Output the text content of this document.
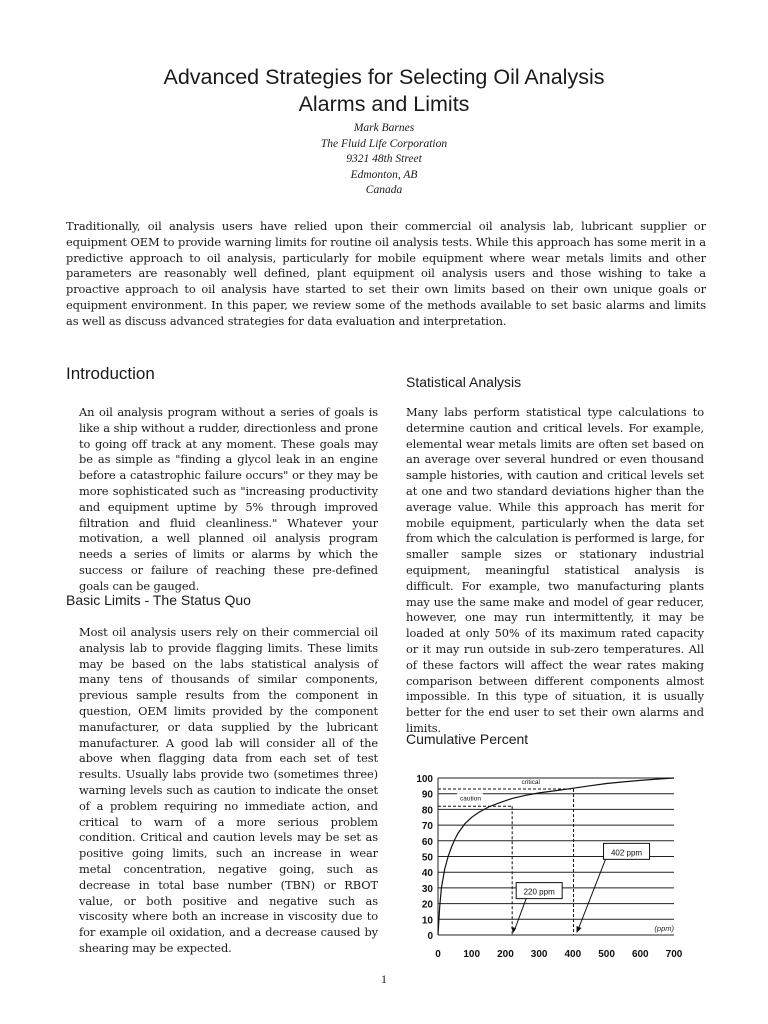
Advanced Strategies for Selecting Oil Analysis
Alarms and Limits
Mark Barnes
The Fluid Life Corporation
9321 48th Street
Edmonton, AB
Canada

Traditionally, oil analysis users have relied upon their commercial oil analysis lab, lubricant supplier or equipment OEM to provide warning limits for routine oil analysis tests. While this approach has some merit in a predictive approach to oil analysis, particularly for mobile equipment where wear metals limits and other parameters are reasonably well defined, plant equipment oil analysis users and those wishing to take a proactive approach to oil analysis have started to set their own limits based on their own unique goals or equipment environment. In this paper, we review some of the methods available to set basic alarms and limits as well as discuss advanced strategies for data evaluation and interpretation.

Introduction

An oil analysis program without a series of goals is like a ship without a rudder, directionless and prone to going off track at any moment. These goals may be as simple as "finding a glycol leak in an engine before a catastrophic failure occurs" or they may be more sophisticated such as "increasing productivity and equipment uptime by 5% through improved filtration and fluid cleanliness." Whatever your motivation, a well planned oil analysis program needs a series of limits or alarms by which the success or failure of reaching these pre-defined goals can be gauged.

Basic Limits - The Status Quo

Most oil analysis users rely on their commercial oil analysis lab to provide flagging limits. These limits may be based on the labs statistical analysis of many tens of thousands of similar components, previous sample results from the component in question, OEM limits provided by the component manufacturer, or data supplied by the lubricant manufacturer. A good lab will consider all of the above when flagging data from each set of test results. Usually labs provide two (sometimes three) warning levels such as caution to indicate the onset of a problem requiring no immediate action, and critical to warn of a more serious problem condition. Critical and caution levels may be set as positive going limits, such an increase in wear metal concentration, negative going, such as decrease in total base number (TBN) or RBOT value, or both positive and negative such as viscosity where both an increase in viscosity due to for example oil oxidation, and a decrease caused by shearing may be expected.

Statistical Analysis

Many labs perform statistical type calculations to determine caution and critical levels. For example, elemental wear metals limits are often set based on an average over several hundred or even thousand sample histories, with caution and critical levels set at one and two standard deviations higher than the average value. While this approach has merit for mobile equipment, particularly when the data set from which the calculation is performed is large, for smaller sample sizes or stationary industrial equipment, meaningful statistical analysis is difficult. For example, two manufacturing plants may use the same make and model of gear reducer, however, one may run intermittently, it may be loaded at only 50% of its maximum rated capacity or it may run outside in sub-zero temperatures. All of these factors will affect the wear rates making comparison between different components almost impossible. In this type of situation, it is usually better for the end user to set their own alarms and limits.

Cumulative Percent
0
10
20
30
40
50
60
70
80
90
100
0 100 200 300 400 500 600 700
(ppm)
caution
critical
220 ppm
402 ppm
1
